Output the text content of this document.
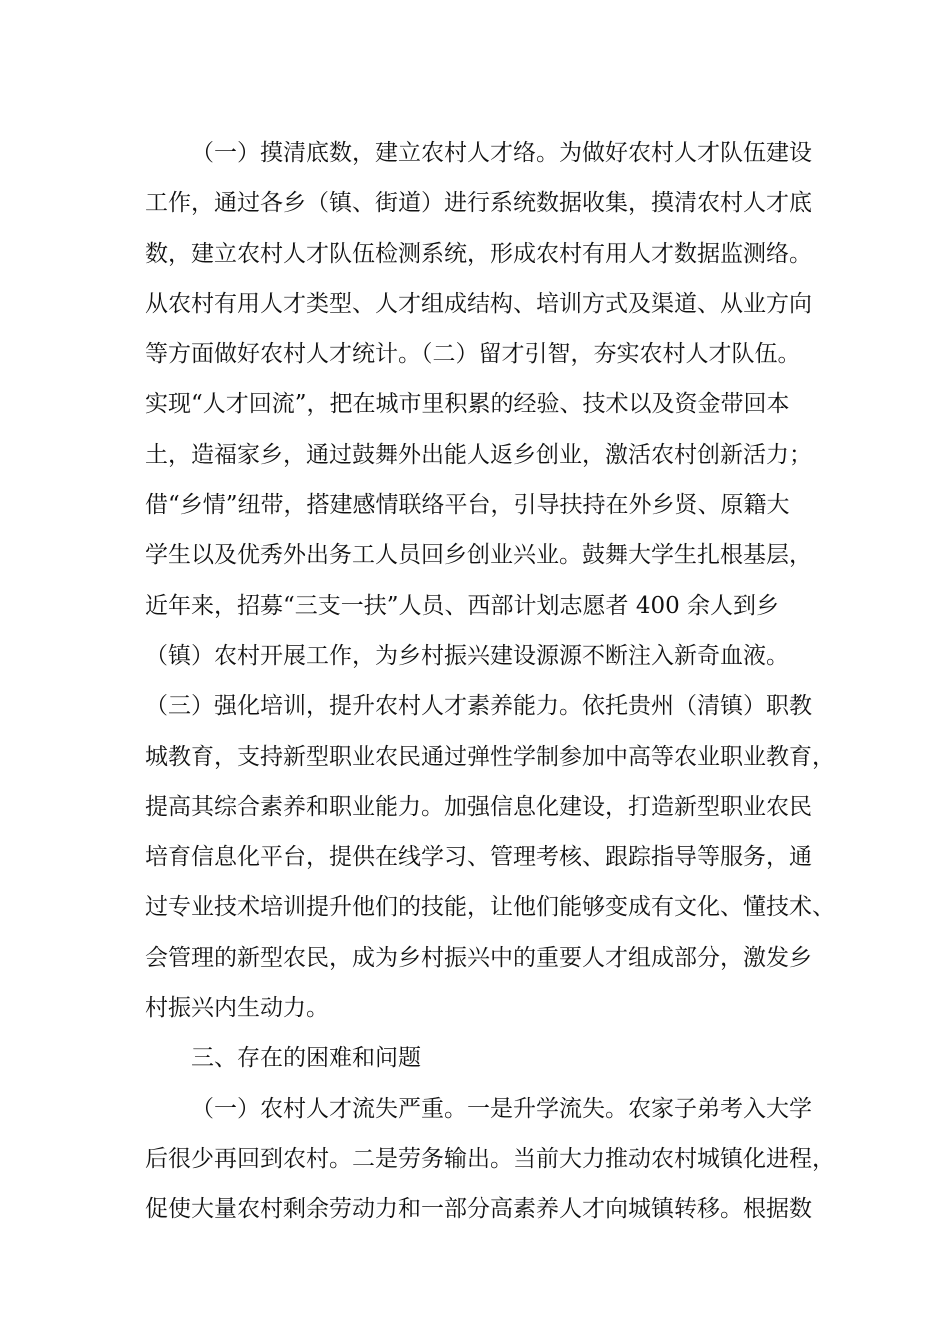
（一）摸清底数，建立农村人才络。为做好农村人才队伍建设
工作，通过各乡（镇、街道）进行系统数据收集，摸清农村人才底
数，建立农村人才队伍检测系统，形成农村有用人才数据监测络。
从农村有用人才类型、人才组成结构、培训方式及渠道、从业方向
等方面做好农村人才统计。（二）留才引智，夯实农村人才队伍。
实现“人才回流”，把在城市里积累的经验、技术以及资金带回本
土，造福家乡，通过鼓舞外出能人返乡创业，激活农村创新活力；
借“乡情”纽带，搭建感情联络平台，引导扶持在外乡贤、原籍大
学生以及优秀外出务工人员回乡创业兴业。鼓舞大学生扎根基层，
近年来，招募“三支一扶”人员、西部计划志愿者 400 余人到乡
（镇）农村开展工作，为乡村振兴建设源源不断注入新奇血液。
（三）强化培训，提升农村人才素养能力。依托贵州（清镇）职教
城教育，支持新型职业农民通过弹性学制参加中高等农业职业教育，
提高其综合素养和职业能力。加强信息化建设，打造新型职业农民
培育信息化平台，提供在线学习、管理考核、跟踪指导等服务，通
过专业技术培训提升他们的技能，让他们能够变成有文化、懂技术、
会管理的新型农民，成为乡村振兴中的重要人才组成部分，激发乡
村振兴内生动力。
三、存在的困难和问题
（一）农村人才流失严重。一是升学流失。农家子弟考入大学
后很少再回到农村。二是劳务输出。当前大力推动农村城镇化进程，
促使大量农村剩余劳动力和一部分高素养人才向城镇转移。根据数
